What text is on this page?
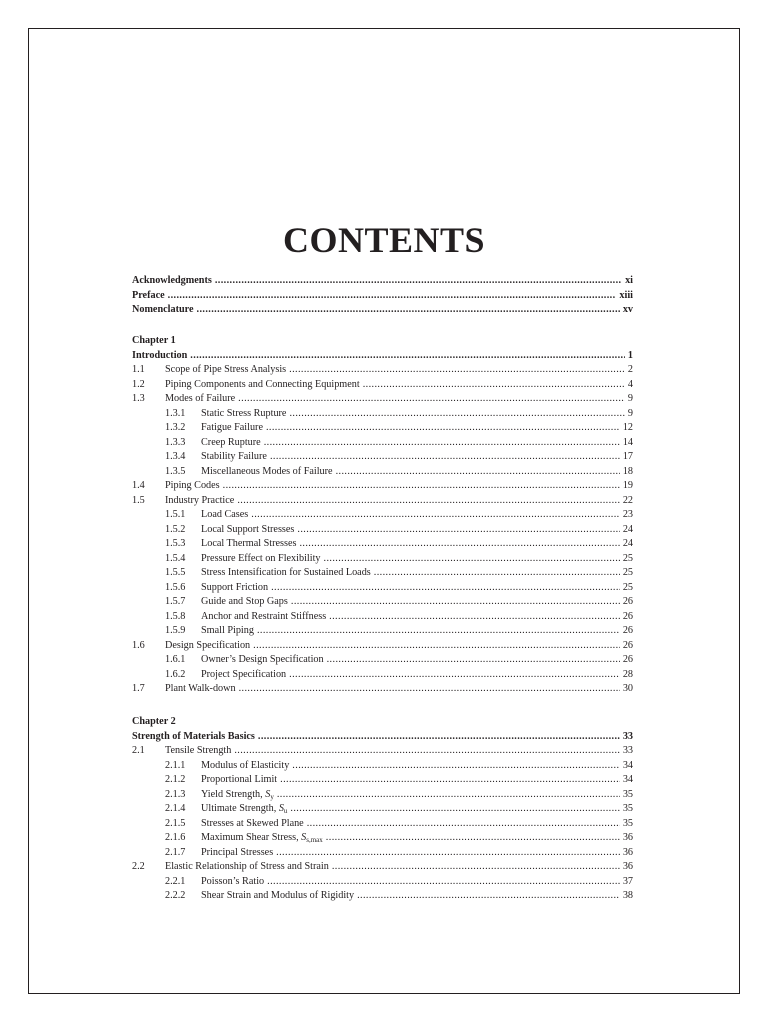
CONTENTS
Acknowledgments .....	xi
Preface .....	xiii
Nomenclature .....	xv
Chapter 1
Introduction .....	1
1.1	Scope of Pipe Stress Analysis .....	2
1.2	Piping Components and Connecting Equipment .....	4
1.3	Modes of Failure .....	9
1.3.1	Static Stress Rupture .....	9
1.3.2	Fatigue Failure .....	12
1.3.3	Creep Rupture .....	14
1.3.4	Stability Failure .....	17
1.3.5	Miscellaneous Modes of Failure .....	18
1.4	Piping Codes .....	19
1.5	Industry Practice .....	22
1.5.1	Load Cases .....	23
1.5.2	Local Support Stresses .....	24
1.5.3	Local Thermal Stresses .....	24
1.5.4	Pressure Effect on Flexibility .....	25
1.5.5	Stress Intensification for Sustained Loads .....	25
1.5.6	Support Friction .....	25
1.5.7	Guide and Stop Gaps .....	26
1.5.8	Anchor and Restraint Stiffness .....	26
1.5.9	Small Piping .....	26
1.6	Design Specification .....	26
1.6.1	Owner’s Design Specification .....	26
1.6.2	Project Specification .....	28
1.7	Plant Walk-down .....	30
Chapter 2
Strength of Materials Basics .....	33
2.1	Tensile Strength .....	33
2.1.1	Modulus of Elasticity .....	34
2.1.2	Proportional Limit .....	34
2.1.3	Yield Strength, $S_y$ .....	35
2.1.4	Ultimate Strength, $S_u$ .....	35
2.1.5	Stresses at Skewed Plane .....	35
2.1.6	Maximum Shear Stress, $S_{s,max}$ .....	36
2.1.7	Principal Stresses .....	36
2.2	Elastic Relationship of Stress and Strain .....	36
2.2.1	Poisson’s Ratio .....	37
2.2.2	Shear Strain and Modulus of Rigidity .....	38
